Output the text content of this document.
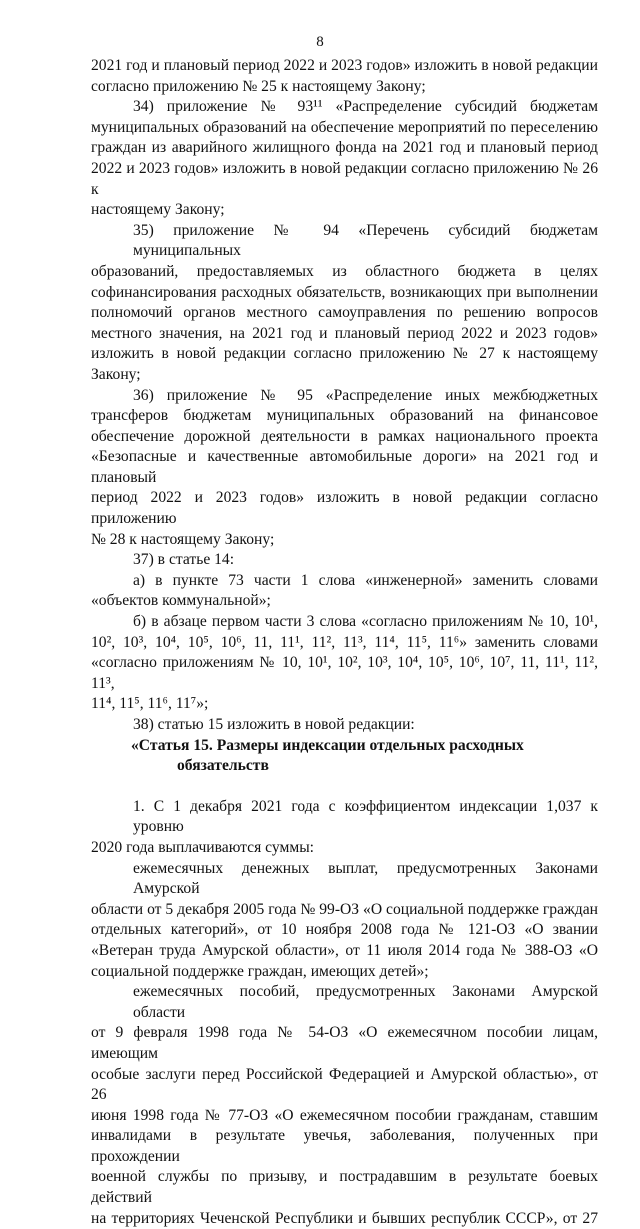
8
2021 год и плановый период 2022 и 2023 годов» изложить в новой редакции
согласно приложению № 25 к настоящему Закону;
34) приложение № 93¹¹ «Распределение субсидий бюджетам
муниципальных образований на обеспечение мероприятий по переселению
граждан из аварийного жилищного фонда на 2021 год и плановый период
2022 и 2023 годов» изложить в новой редакции согласно приложению № 26 к
настоящему Закону;
35) приложение № 94 «Перечень субсидий бюджетам муниципальных
образований, предоставляемых из областного бюджета в целях
софинансирования расходных обязательств, возникающих при выполнении
полномочий органов местного самоуправления по решению вопросов
местного значения, на 2021 год и плановый период 2022 и 2023 годов»
изложить в новой редакции согласно приложению № 27 к настоящему
Закону;
36) приложение № 95 «Распределение иных межбюджетных
трансферов бюджетам муниципальных образований на финансовое
обеспечение дорожной деятельности в рамках национального проекта
«Безопасные и качественные автомобильные дороги» на 2021 год и плановый
период 2022 и 2023 годов» изложить в новой редакции согласно приложению
№ 28 к настоящему Закону;
37) в статье 14:
а) в пункте 73 части 1 слова «инженерной» заменить словами
«объектов коммунальной»;
б) в абзаце первом части 3 слова «согласно приложениям № 10, 10¹,
10², 10³, 10⁴, 10⁵, 10⁶, 11, 11¹, 11², 11³, 11⁴, 11⁵, 11⁶» заменить словами
«согласно приложениям № 10, 10¹, 10², 10³, 10⁴, 10⁵, 10⁶, 10⁷, 11, 11¹, 11², 11³,
11⁴, 11⁵, 11⁶, 11⁷»;
38) статью 15 изложить в новой редакции:
«Статья 15. Размеры индексации отдельных расходных
обязательств
1. С 1 декабря 2021 года с коэффициентом индексации 1,037 к уровню
2020 года выплачиваются суммы:
ежемесячных денежных выплат, предусмотренных Законами Амурской
области от 5 декабря 2005 года № 99-ОЗ «О социальной поддержке граждан
отдельных категорий», от 10 ноября 2008 года № 121-ОЗ «О звании
«Ветеран труда Амурской области», от 11 июля 2014 года № 388-ОЗ «О
социальной поддержке граждан, имеющих детей»;
ежемесячных пособий, предусмотренных Законами Амурской области
от 9 февраля 1998 года № 54-ОЗ «О ежемесячном пособии лицам, имеющим
особые заслуги перед Российской Федерацией и Амурской областью», от 26
июня 1998 года № 77-ОЗ «О ежемесячном пособии гражданам, ставшим
инвалидами в результате увечья, заболевания, полученных при прохождении
военной службы по призыву, и пострадавшим в результате боевых действий
на территориях Чеченской Республики и бывших республик СССР», от 27
